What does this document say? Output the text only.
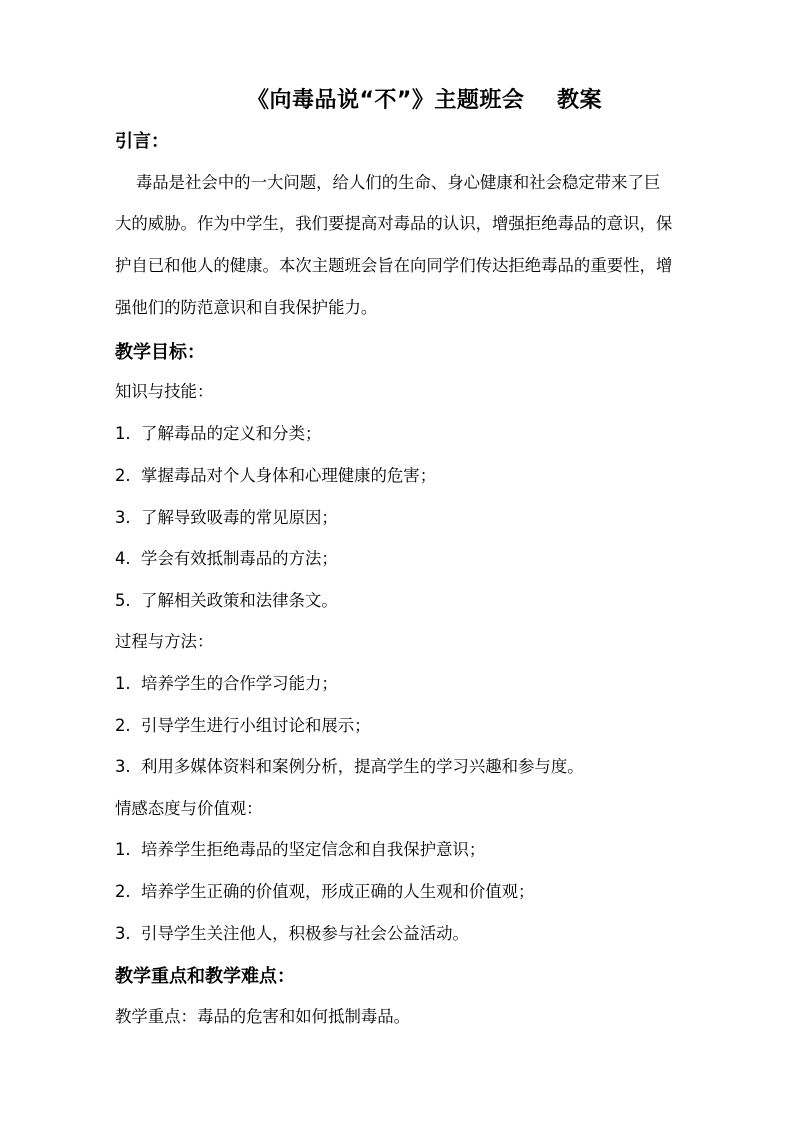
《向毒品说“不”》主题班会    教案
引言：
毒品是社会中的一大问题，给人们的生命、身心健康和社会稳定带来了巨
大的威胁。作为中学生，我们要提高对毒品的认识，增强拒绝毒品的意识，保
护自已和他人的健康。本次主题班会旨在向同学们传达拒绝毒品的重要性，增
强他们的防范意识和自我保护能力。
教学目标：
知识与技能：
1.  了解毒品的定义和分类；
2.  掌握毒品对个人身体和心理健康的危害；
3.  了解导致吸毒的常见原因；
4.  学会有效抵制毒品的方法；
5.  了解相关政策和法律条文。
过程与方法：
1.  培养学生的合作学习能力；
2.  引导学生进行小组讨论和展示；
3.  利用多媒体资料和案例分析，提高学生的学习兴趣和参与度。
情感态度与价值观：
1.  培养学生拒绝毒品的坚定信念和自我保护意识；
2.  培养学生正确的价值观，形成正确的人生观和价值观；
3.  引导学生关注他人，积极参与社会公益活动。
教学重点和教学难点：
教学重点：毒品的危害和如何抵制毒品。
